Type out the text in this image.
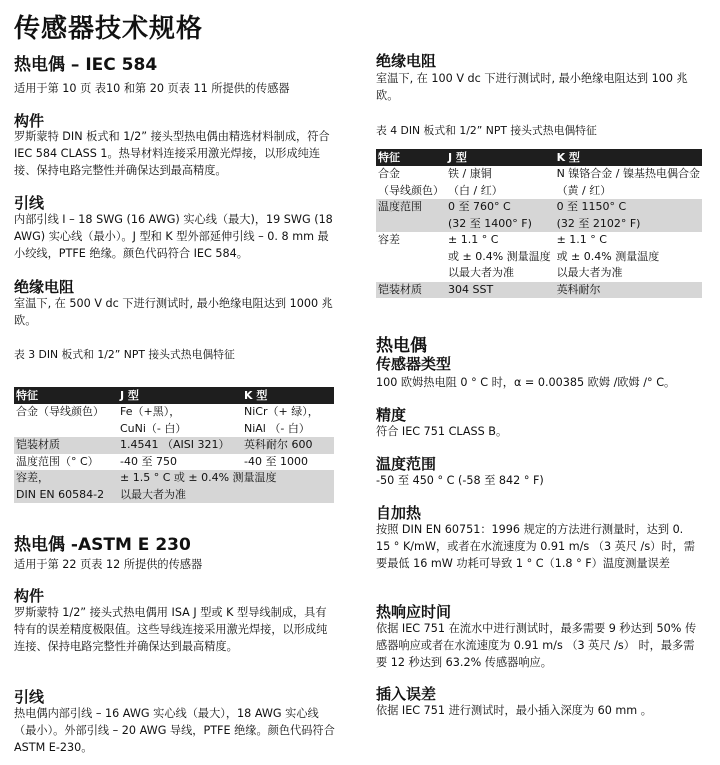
传感器技术规格
热电偶 – IEC 584
适用于第 10 页 表10 和第 20 页表 11 所提供的传感器
构件
罗斯蒙特 DIN 板式和 1/2” 接头型热电偶由精选材料制成，符合 IEC 584 CLASS 1。热导材料连接采用激光焊接，以形成纯连接、保持电路完整性并确保达到最高精度。
引线
内部引线 I – 18 SWG (16 AWG) 实心线（最大)，19 SWG (18 AWG) 实心线（最小）。J 型和 K 型外部延伸引线 – 0. 8 mm 最小绞线，PTFE 绝缘。颜色代码符合 IEC 584。
绝缘电阻
室温下, 在 500 V dc 下进行测试时, 最小绝缘电阻达到 1000 兆欧。
表 3 DIN 板式和 1/2” NPT 接头式热电偶特征
特征	J 型	K 型
合金（导线颜色）	Fe（+黑），	NiCr（+ 绿），
	CuNi（- 白）	NiAl （- 白）
铠装材质	1.4541 （AISI 321）	英科耐尔 600
温度范围（° C）	-40 至 750	-40 至 1000
容差，	± 1.5 ° C 或 ± 0.4% 测量温度	
DIN EN 60584-2	以最大者为准	
热电偶 -ASTM E 230
适用于第 22 页表 12 所提供的传感器
构件
罗斯蒙特 1/2” 接头式热电偶用 ISA J 型或 K 型导线制成，具有特有的误差精度极限值。这些导线连接采用激光焊接，以形成纯连接、保持电路完整性并确保达到最高精度。
引线
热电偶内部引线 – 16 AWG 实心线（最大），18 AWG 实心线（最小）。外部引线 – 20 AWG 导线，PTFE 绝缘。颜色代码符合 ASTM E-230。
绝缘电阻
室温下, 在 100 V dc 下进行测试时, 最小绝缘电阻达到 100 兆欧。
表 4 DIN 板式和 1/2” NPT 接头式热电偶特征
特征	J 型	K 型
合金	铁 / 康铜	N 镍铬合金 / 镍基热电偶合金
（导线颜色）	（白 / 红）	（黄 / 红）
温度范围	0 至 760° C	0 至 1150° C
	(32 至 1400° F)	(32 至 2102° F)
容差	± 1.1 ° C	± 1.1 ° C
	或 ± 0.4% 测量温度	或 ± 0.4% 测量温度
	以最大者为准	以最大者为准
铠装材质	304 SST	英科耐尔
热电偶
传感器类型
100 欧姆热电阻 0 ° C 时，α = 0.00385 欧姆 /欧姆 /° C。
精度
符合 IEC 751 CLASS B。
温度范围
-50 至 450 ° C (-58 至 842 ° F)
自加热
按照 DIN EN 60751：1996 规定的方法进行测量时，达到 0. 15 ° K/mW，或者在水流速度为 0.91 m/s （3 英尺 /s）时，需要最低 16 mW 功耗可导致 1 ° C（1.8 ° F）温度测量误差
热响应时间
依据 IEC 751 在流水中进行测试时，最多需要 9 秒达到 50% 传感器响应或者在水流速度为 0.91 m/s （3 英尺 /s） 时，最多需要 12 秒达到 63.2% 传感器响应。
插入误差
依据 IEC 751 进行测试时，最小插入深度为 60 mm 。
